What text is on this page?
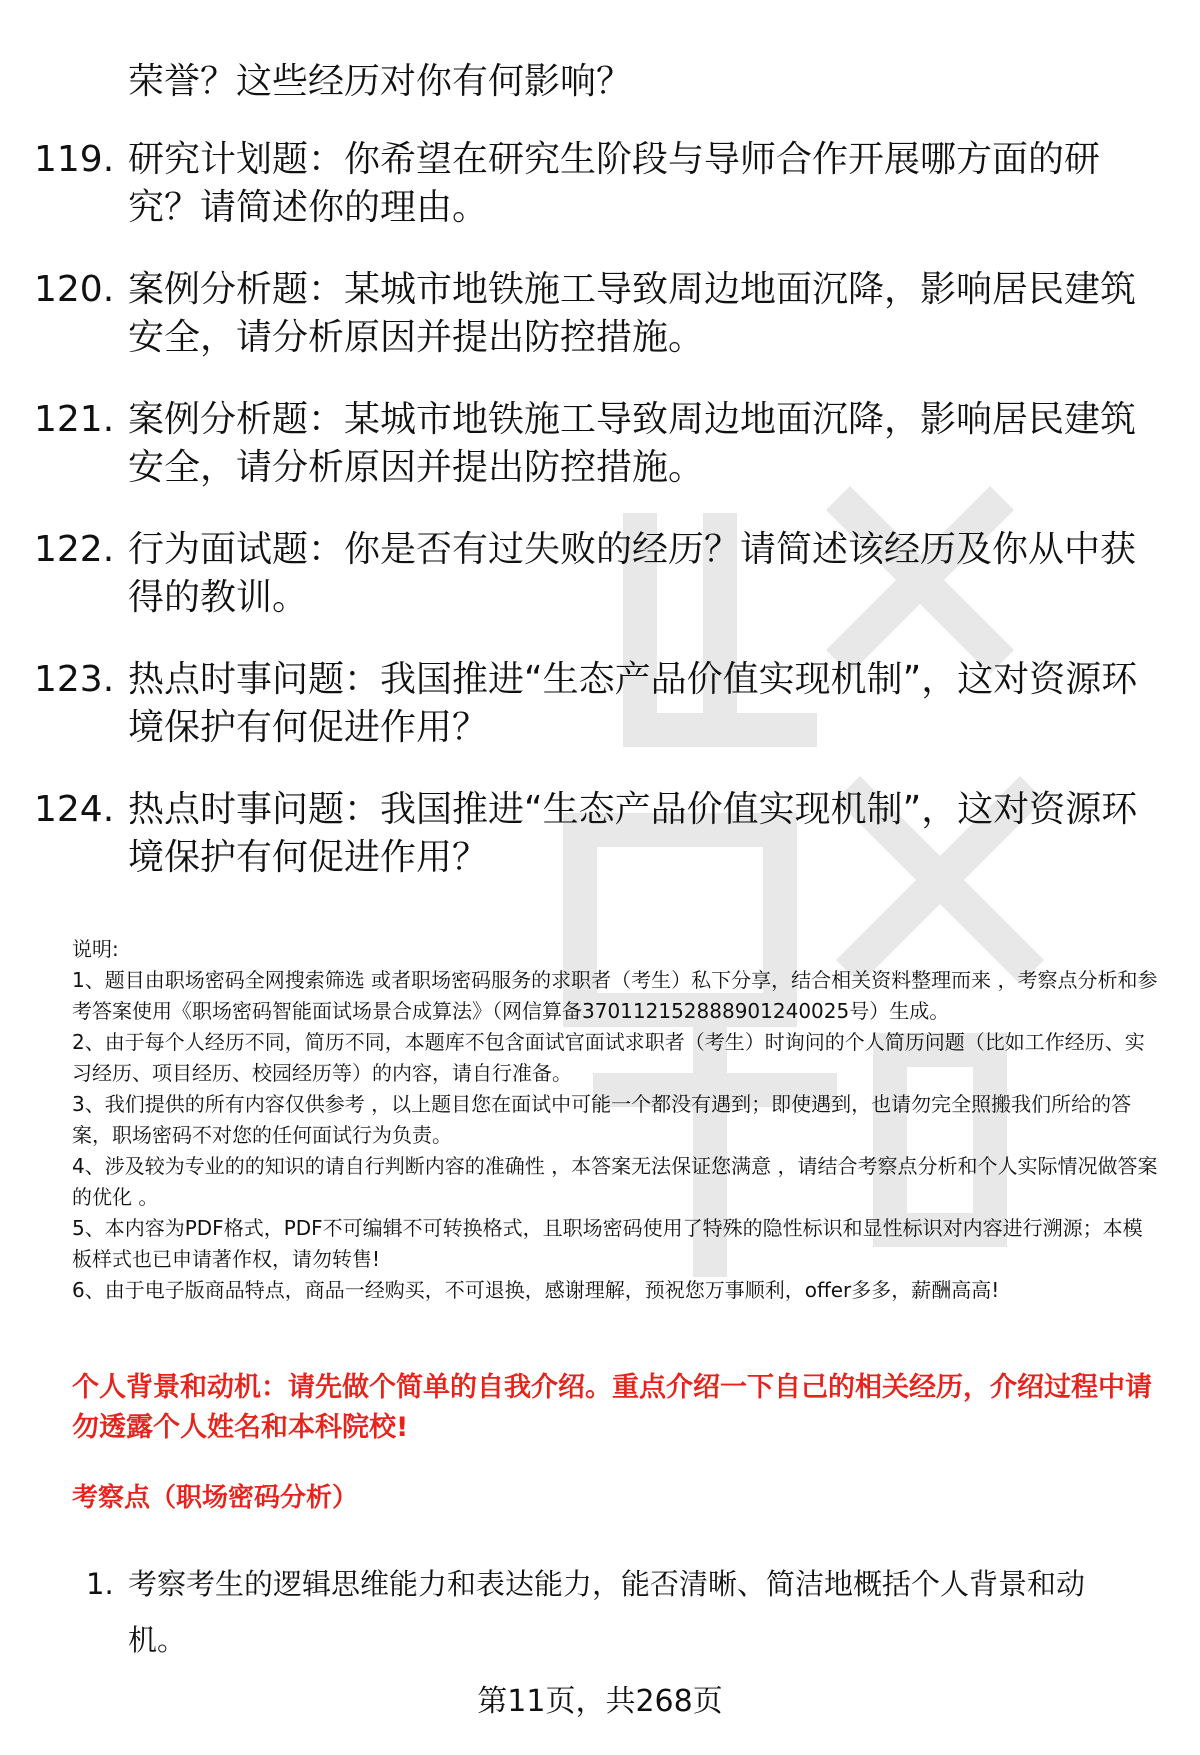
荣誉？这些经历对你有何影响？
119. 研究计划题：你希望在研究生阶段与导师合作开展哪方面的研究？请简述你的理由。
120. 案例分析题：某城市地铁施工导致周边地面沉降，影响居民建筑安全，请分析原因并提出防控措施。
121. 案例分析题：某城市地铁施工导致周边地面沉降，影响居民建筑安全，请分析原因并提出防控措施。
122. 行为面试题：你是否有过失败的经历？请简述该经历及你从中获得的教训。
123. 热点时事问题：我国推进“生态产品价值实现机制”，这对资源环境保护有何促进作用？
124. 热点时事问题：我国推进“生态产品价值实现机制”，这对资源环境保护有何促进作用？

说明:

1、题目由职场密码全网搜索筛选 或者职场密码服务的求职者（考生）私下分享，结合相关资料整理而来 ，考察点分析和参考答案使用《职场密码智能面试场景合成算法》（网信算备370112152888901240025号）生成。

2、由于每个人经历不同，简历不同，本题库不包含面试官面试求职者（考生）时询问的个人简历问题（比如工作经历、实习经历、项目经历、校园经历等）的内容，请自行准备。

3、我们提供的所有内容仅供参考 ，以上题目您在面试中可能一个都没有遇到；即使遇到，也请勿完全照搬我们所给的答案，职场密码不对您的任何面试行为负责。

4、涉及较为专业的的知识的请自行判断内容的准确性 ，本答案无法保证您满意 ，请结合考察点分析和个人实际情况做答案的优化 。

5、本内容为PDF格式，PDF不可编辑不可转换格式，且职场密码使用了特殊的隐性标识和显性标识对内容进行溯源；本模板样式也已申请著作权，请勿转售!

6、由于电子版商品特点，商品一经购买，不可退换，感谢理解，预祝您万事顺利，offer多多，薪酬高高!

个人背景和动机：请先做个简单的自我介绍。重点介绍一下自己的相关经历，介绍过程中请勿透露个人姓名和本科院校!
考察点（职场密码分析）
1. 考察考生的逻辑思维能力和表达能力，能否清晰、简洁地概括个人背景和动机。
第11页，共268页
